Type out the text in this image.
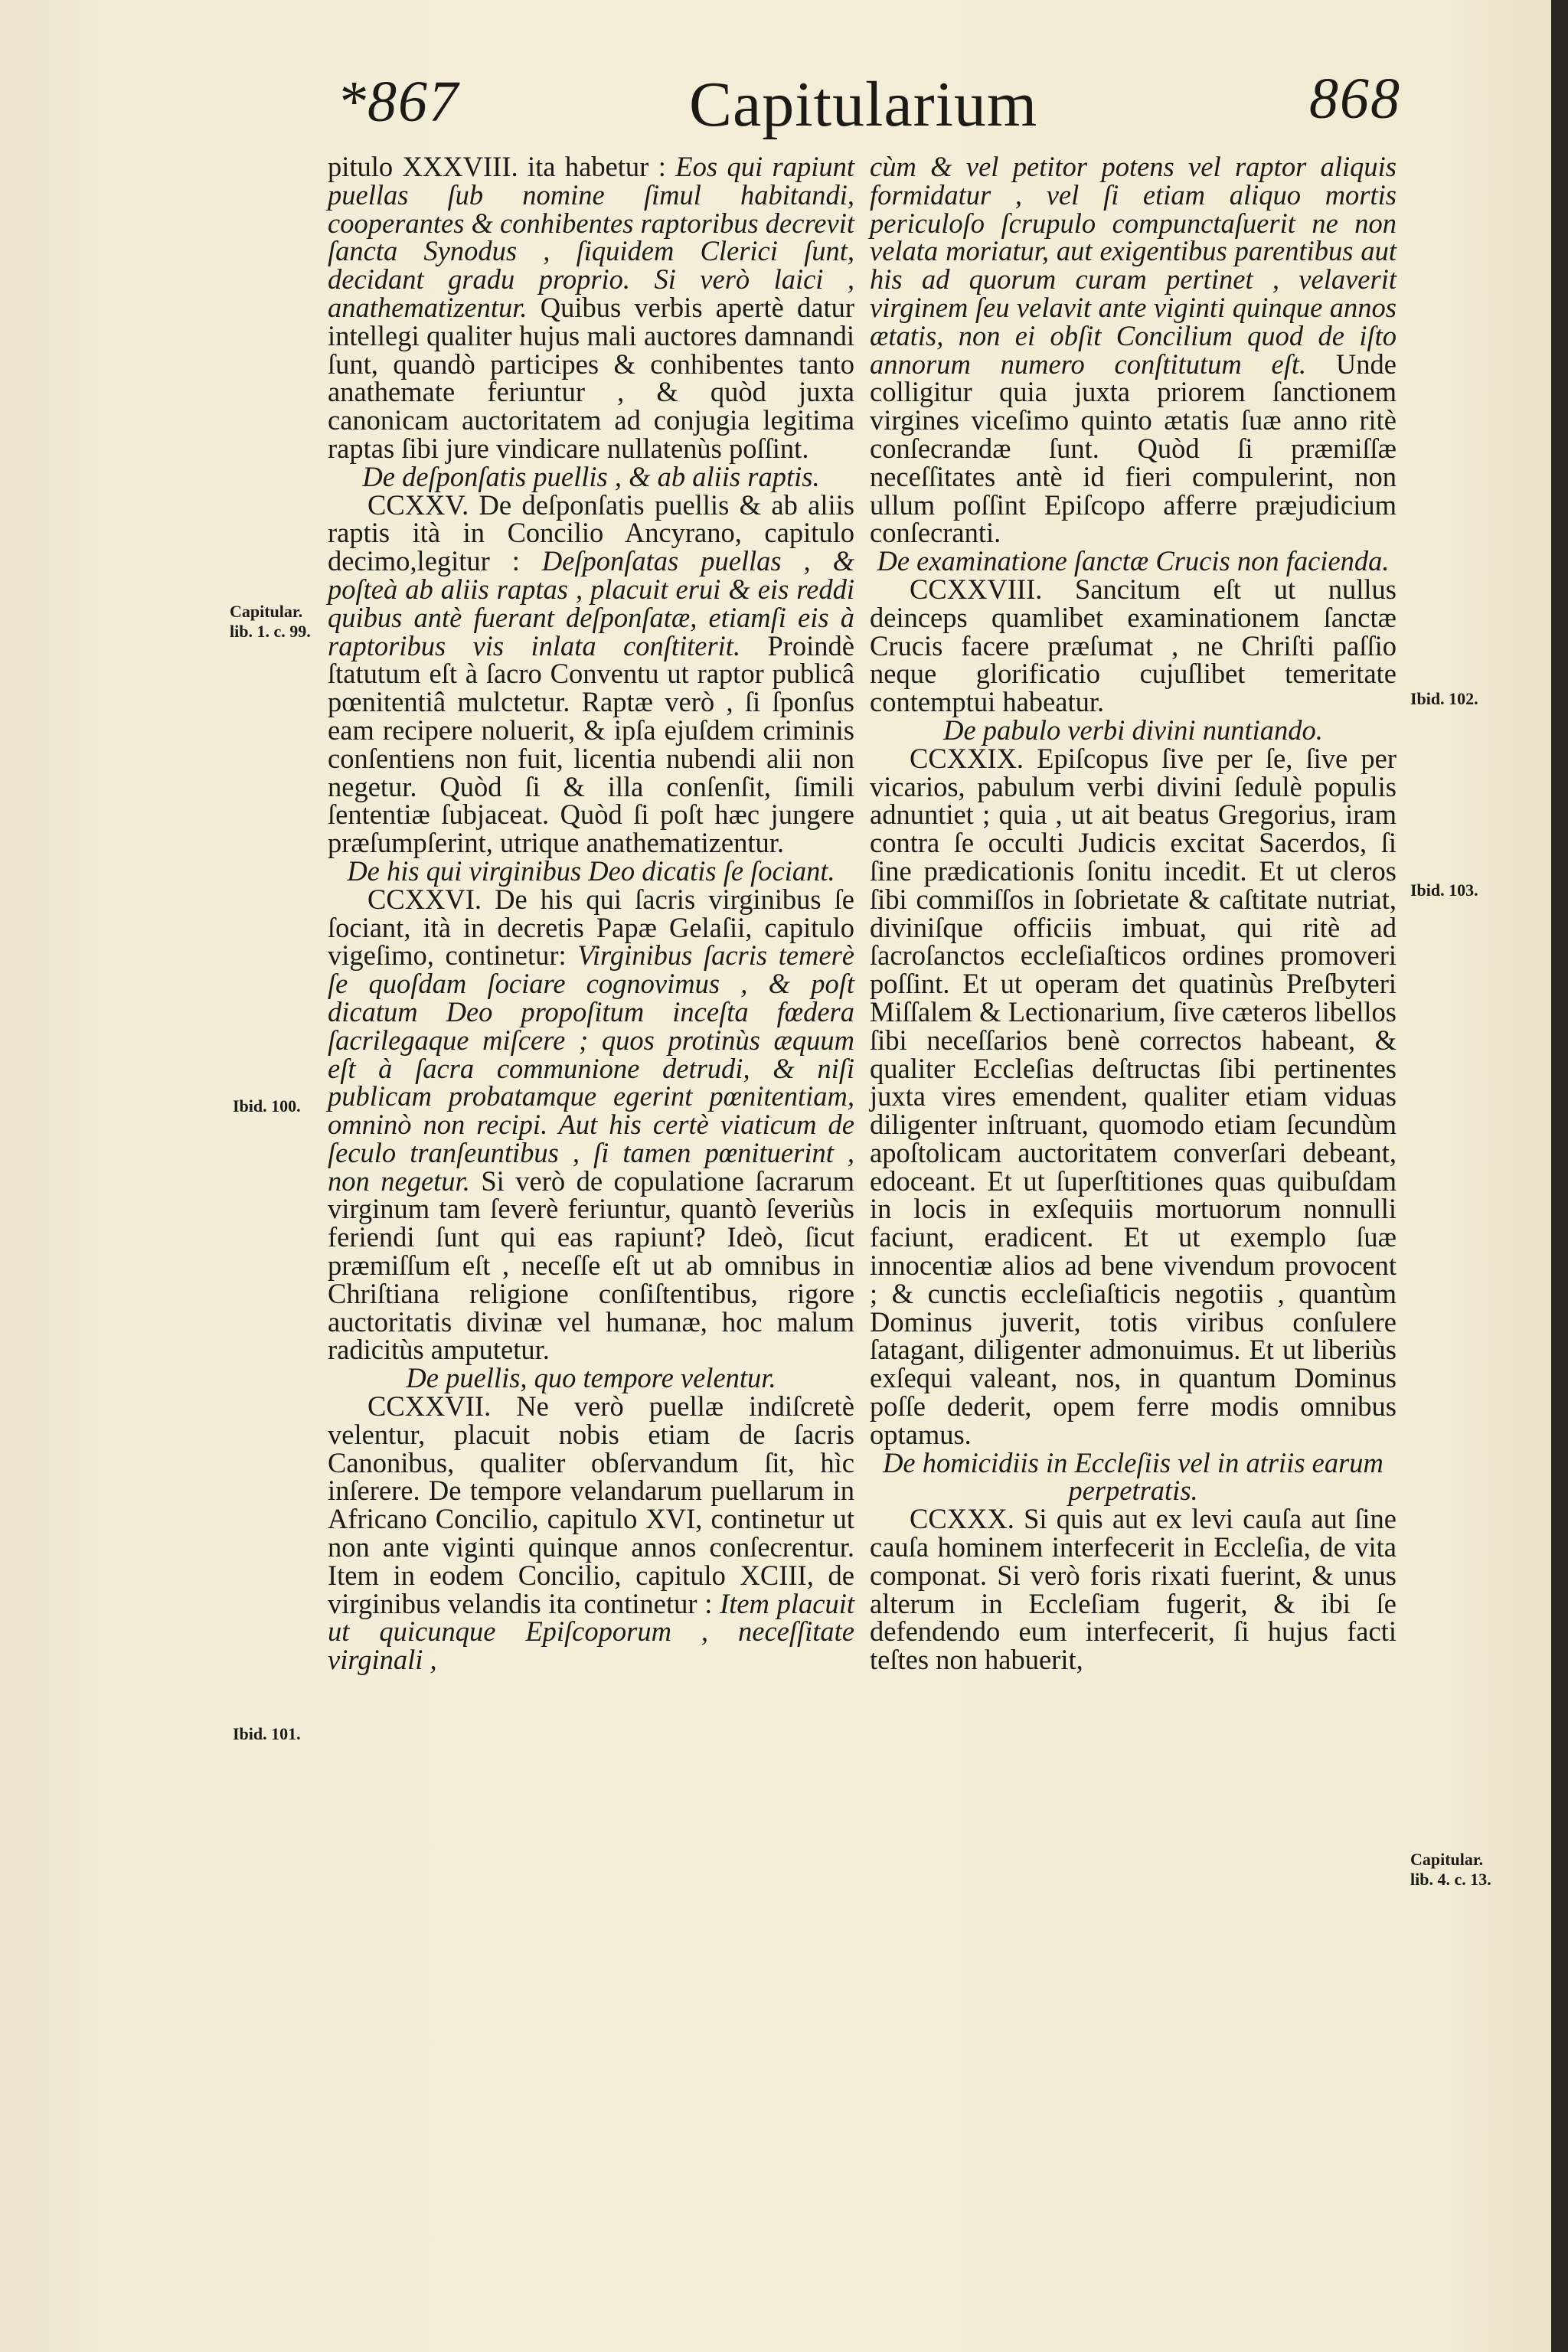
*867	Capitularium	868

pitulo XXXVIII. ita habetur : Eos qui rapiunt puellas ſub nomine ſimul habitandi, cooperantes & conhibentes raptoribus decrevit ſancta Synodus , ſiquidem Clerici ſunt, decidant gradu proprio. Si verò laici , anathematizentur. Quibus verbis apertè datur intellegi qualiter hujus mali auctores damnandi ſunt, quandò participes & conhibentes tanto anathemate feriuntur , & quòd juxta canonicam auctoritatem ad conjugia legitima raptas ſibi jure vindicare nullatenùs poſſint.

De deſponſatis puellis , & ab aliis raptis.

CCXXV. De deſponſatis puellis & ab aliis raptis ità in Concilio Ancyrano, capitulo decimo,legitur : Deſponſatas puellas , & poſteà ab aliis raptas , placuit erui & eis reddi quibus antè fuerant deſponſatæ, etiamſi eis à raptoribus vis inlata conſtiterit. Proindè ſtatutum eſt à ſacro Conventu ut raptor publicâ pœnitentiâ mulctetur. Raptæ verò , ſi ſponſus eam recipere noluerit, & ipſa ejuſdem criminis conſentiens non fuit, licentia nubendi alii non negetur. Quòd ſi & illa conſenſit, ſimili ſententiæ ſubjaceat. Quòd ſi poſt hæc jungere præſumpſerint, utrique anathematizentur.

De his qui virginibus Deo dicatis ſe ſociant.

CCXXVI. De his qui ſacris virginibus ſe ſociant, ità in decretis Papæ Gelaſii, capitulo vigeſimo, continetur: Virginibus ſacris temerè ſe quoſdam ſociare cognovimus , & poſt dicatum Deo propoſitum inceſta fœdera ſacrilegaque miſcere ; quos protinùs æquum eſt à ſacra communione detrudi, & niſi publicam probatamque egerint pœnitentiam, omninò non recipi. Aut his certè viaticum de ſeculo tranſeuntibus , ſi tamen pœnituerint , non negetur. Si verò de copulatione ſacrarum virginum tam ſeverè feriuntur, quantò ſeveriùs feriendi ſunt qui eas rapiunt? Ideò, ſicut præmiſſum eſt , neceſſe eſt ut ab omnibus in Chriſtiana religione conſiſtentibus, rigore auctoritatis divinæ vel humanæ, hoc malum radicitùs amputetur.

De puellis, quo tempore velentur.

CCXXVII. Ne verò puellæ indiſcretè velentur, placuit nobis etiam de ſacris Canonibus, qualiter obſervandum ſit, hìc inſerere. De tempore velandarum puellarum in Africano Concilio, capitulo XVI, continetur ut non ante viginti quinque annos conſecrentur. Item in eodem Concilio, capitulo XCIII, de virginibus velandis ita continetur : Item placuit ut quicunque Epiſcoporum , neceſſitate virginali ,

cùm & vel petitor potens vel raptor aliquis formidatur , vel ſi etiam aliquo mortis periculoſo ſcrupulo compunctaſuerit ne non velata moriatur, aut exigentibus parentibus aut his ad quorum curam pertinet , velaverit virginem ſeu velavit ante viginti quinque annos ætatis, non ei obſit Concilium quod de iſto annorum numero conſtitutum eſt. Unde colligitur quia juxta priorem ſanctionem virgines viceſimo quinto ætatis ſuæ anno ritè conſecrandæ ſunt. Quòd ſi præmiſſæ neceſſitates antè id fieri compulerint, non ullum poſſint Epiſcopo afferre præjudicium conſecranti.

De examinatione ſanctæ Crucis non facienda.

CCXXVIII. Sancitum eſt ut nullus deinceps quamlibet examinationem ſanctæ Crucis facere præſumat , ne Chriſti paſſio neque glorificatio cujuſlibet temeritate contemptui habeatur.

De pabulo verbi divini nuntiando.

CCXXIX. Epiſcopus ſive per ſe, ſive per vicarios, pabulum verbi divini ſedulè populis adnuntiet ; quia , ut ait beatus Gregorius, iram contra ſe occulti Judicis excitat Sacerdos, ſi ſine prædicationis ſonitu incedit. Et ut cleros ſibi commiſſos in ſobrietate & caſtitate nutriat, diviniſque officiis imbuat, qui ritè ad ſacroſanctos eccleſiaſticos ordines promoveri poſſint. Et ut operam det quatinùs Preſbyteri Miſſalem & Lectionarium, ſive cæteros libellos ſibi neceſſarios benè correctos habeant, & qualiter Eccleſias deſtructas ſibi pertinentes juxta vires emendent, qualiter etiam viduas diligenter inſtruant, quomodo etiam ſecundùm apoſtolicam auctoritatem converſari debeant, edoceant. Et ut ſuperſtitiones quas quibuſdam in locis in exſequiis mortuorum nonnulli faciunt, eradicent. Et ut exemplo ſuæ innocentiæ alios ad bene vivendum provocent ; & cunctis eccleſiaſticis negotiis , quantùm Dominus juverit, totis viribus conſulere ſatagant, diligenter admonuimus. Et ut liberiùs exſequi valeant, nos, in quantum Dominus poſſe dederit, opem ferre modis omnibus optamus.

De homicidiis in Eccleſiis vel in atriis earum perpetratis.

CCXXX. Si quis aut ex levi cauſa aut ſine cauſa hominem interfecerit in Eccleſia, de vita componat. Si verò foris rixati fuerint, & unus alterum in Eccleſiam fugerit, & ibi ſe defendendo eum interfecerit, ſi hujus facti teſtes non habuerit,

Capitular.
lib. 1. c. 99.
Ibid. 100.
Ibid. 101.
Ibid. 102.
Ibid. 103.
Capitular.
lib. 4. c. 13.
